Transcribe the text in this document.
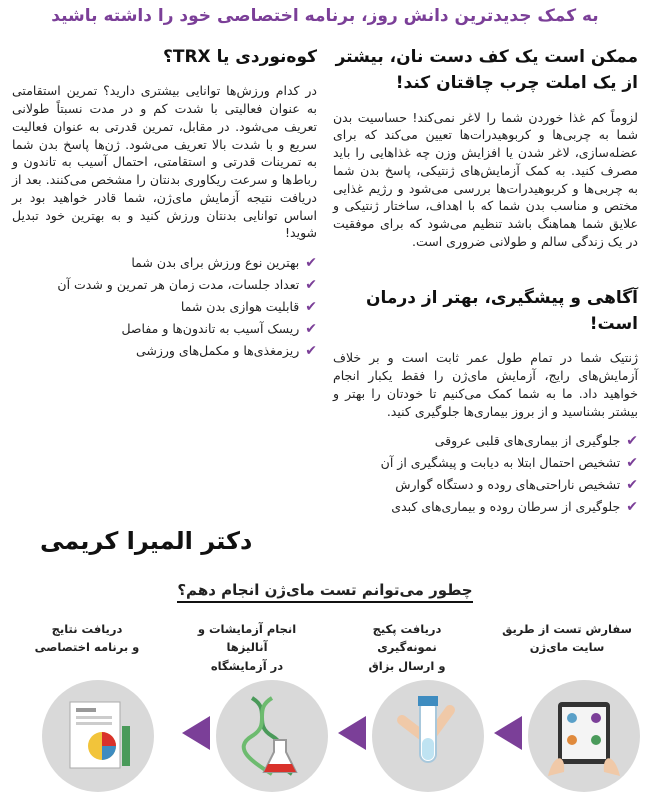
به کمک جدیدترین دانش روز، برنامه اختصاصی خود را داشته باشید
ممکن است یک کف دست نان، بیشتر از یک املت چرب چاقتان کند!

لزوماً کم غذا خوردن شما را لاغر نمی‌کند! حساسیت بدن شما به چربی‌ها و کربوهیدرات‌ها تعیین می‌کند که برای عضله‌سازی، لاغر شدن یا افزایش وزن چه غذاهایی را باید مصرف کنید. به کمک آزمایش‌های ژنتیکی، پاسخ بدن شما به چربی‌ها و کربوهیدرات‌ها بررسی می‌شود و رژیم غذایی مختص و مناسب بدن شما که با اهداف، ساختار ژنتیکی و علایق شما هماهنگ باشد تنظیم می‌شود که برای موفقیت در یک زندگی سالم و طولانی ضروری است.

آگاهی و پیشگیری، بهتر از درمان است!

ژنتیک شما در تمام طول عمر ثابت است و بر خلاف آزمایش‌های رایج، آزمایش مای‌ژن را فقط یکبار انجام خواهید داد. ما به شما کمک می‌کنیم تا خودتان را بهتر و بیشتر بشناسید و از بروز بیماری‌ها جلوگیری کنید.

✔
جلوگیری از بیماری‌های قلبی عروقی
✔
تشخیص احتمال ابتلا به دیابت و پیشگیری از آن
✔
تشخیص ناراحتی‌های روده و دستگاه گوارش
✔
جلوگیری از سرطان روده و بیماری‌های کبدی
کوه‌نوردی یا TRX؟

در کدام ورزش‌ها توانایی بیشتری دارید؟ تمرین استقامتی به عنوان فعالیتی با شدت کم و در مدت نسبتاً طولانی تعریف می‌شود. در مقابل، تمرین قدرتی به عنوان فعالیت سریع و با شدت بالا تعریف می‌شود. ژن‌ها پاسخ بدن شما به تمرینات قدرتی و استقامتی، احتمال آسیب به تاندون و رباط‌ها و سرعت ریکاوری بدنتان را مشخص می‌کنند. بعد از دریافت نتیجه آزمایش مای‌ژن، شما قادر خواهید بود بر اساس توانایی بدنتان ورزش کنید و به بهترین خود تبدیل شوید!

✔
بهترین نوع ورزش برای بدن شما
✔
تعداد جلسات، مدت زمان هر تمرین و شدت آن
✔
قابلیت هوازی بدن شما
✔
ریسک آسیب به تاندون‌ها و مفاصل
✔
ریزمغذی‌ها و مکمل‌های ورزشی
دکتر المیرا کریمی
چطور می‌توانم تست مای‌ژن انجام دهم؟
سفارش تست از طریق
سایت مای‌ژن
دریافت پکیج نمونه‌گیری
و ارسال بزاق
انجام آزمایشات و آنالیزها
در آزمایشگاه
دریافت نتایج
و برنامه اختصاصی
